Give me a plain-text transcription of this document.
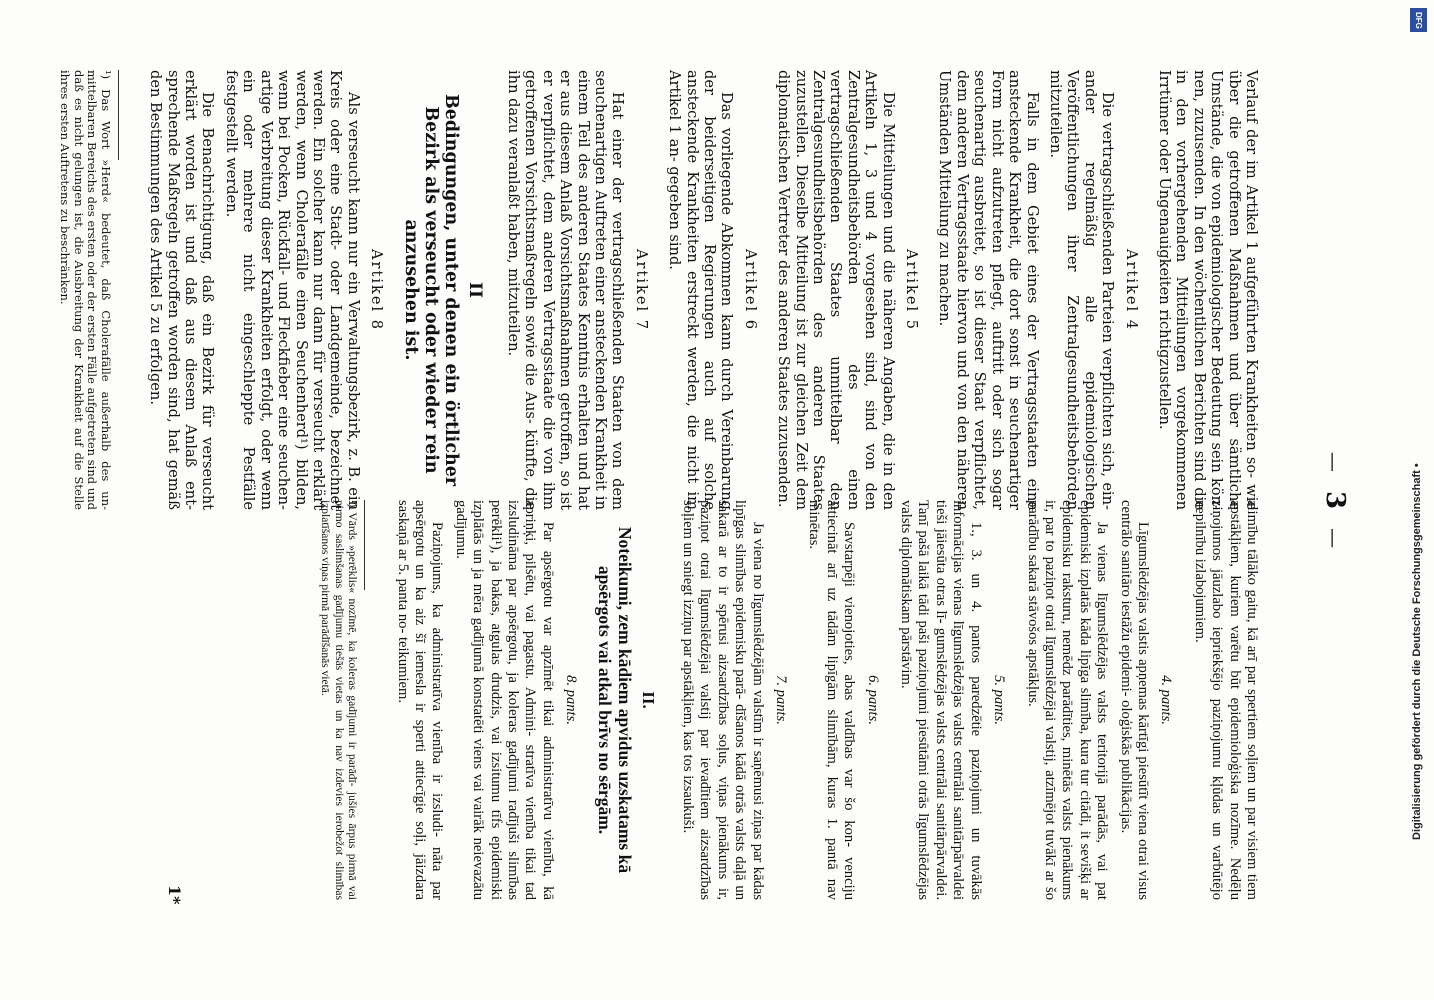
— 3 —

Verlauf der im Artikel 1 aufgeführten Krankheiten so- wie über die getroffenen Maßnahmen und über sämtliche Umstände, die von epidemiologischer Bedeutung sein kön- nen, zuzusenden. In den wöchentlichen Berichten sind die in den vorhergehenden Mitteilungen vorgekommenen Irrtümer oder Ungenauigkeiten richtigzustellen.

Artikel 4

Die vertragschließenden Parteien verpflichten sich, ein- ander regelmäßig alle epidemiologischen Veröffentlichungen ihrer Zentralgesundheitsbehörden mitzuteilen.

Falls in dem Gebiet eines der Vertragsstaaten eine ansteckende Krankheit, die dort sonst in seuchenartiger Form nicht aufzutreten pflegt, auftritt oder sich sogar seuchenartig ausbreitet, so ist dieser Staat verpflichtet, dem anderen Vertragsstaate hiervon und von den näheren Umständen Mitteilung zu machen.

Artikel 5

Die Mitteilungen und die näheren Angaben, die in den Artikeln 1, 3 und 4 vorgesehen sind, sind von den Zentralgesundheitsbehörden des einen vertragschließenden Staates unmittelbar den Zentralgesundheitsbehörden des anderen Staates zuzustellen. Dieselbe Mitteilung ist zur gleichen Zeit dem diplomatischen Vertreter des anderen Staates zuzusenden.

Artikel 6

Das vorliegende Abkommen kann durch Vereinbarung der beiderseitigen Regierungen auch auf solche ansteckende Krankheiten erstreckt werden, die nicht im Artikel 1 an- gegeben sind.

Artikel 7

Hat einer der vertragschließenden Staaten von dem seuchenartigen Auftreten einer ansteckenden Krankheit in einem Teil des anderen Staates Kenntnis erhalten und hat er aus diesem Anlaß Vorsichtsmaßnahmen getroffen, so ist er verpflichtet, dem anderen Vertragsstaate die von ihm getroffenen Vorsichtsmaßregeln sowie die Aus- künfte, die ihn dazu veranlaßt haben, mitzuteilen.

II
Bedingungen, unter denen ein örtlicher Bezirk als verseucht oder wieder rein anzusehen ist.
Artikel 8

Als verseucht kann nur ein Verwaltungsbezirk, z. B. ein Kreis oder eine Stadt- oder Landgemeinde, bezeichnet werden. Ein solcher kann nur dann für verseucht erklärt werden, wenn Cholerafälle einen Seuchenherd¹) bilden, wenn bei Pocken, Rückfall- und Fleckfieber eine seuchen- artige Verbreitung dieser Krankheiten erfolgt, oder wenn ein oder mehrere nicht eingeschleppte Pestfälle festgestellt werden.

Die Benachrichtigung, daß ein Bezirk für verseucht erklärt worden ist und daß aus diesem Anlaß ent- sprechende Maßregeln getroffen worden sind, hat gemäß den Bestimmungen des Artikel 5 zu erfolgen.

¹) Das Wort »Herd« bedeutet, daß Cholerafälle außerhalb des un- mittelbaren Bereichs des ersten oder der ersten Fälle aufgetreten sind und daß es nicht gelungen ist, die Ausbreitung der Krankheit auf die Stelle ihres ersten Auftretens zu beschränken.

alimību tālāko gaitu, kā arī par spertiem soļiem un par visiem tiem apstākļiem, kuriem varētu būt epidemioloģiska nozīme. Nedēļu ziņojumos jāuzlabo iepriekšējo paziņojumu kļūdas un varbūtējo nepilnību izlabojumiem.

4. pants.

Līgumslēdzējas valstis apņemas kārtīgi piesūtīt viena otrai visus centrālo sanitāro iestāžu epidemi- oloģiskās publikācijas.

Ja vienas līgumslēdzējas valsts teritorijā parādās, vai pat epidemiski izplatās kāda lipīga slimība, kura tur citādi, it sevišķi ar epidemisku raksturu, nemēdz parādīties, minētās valsts pienākums ir, par to paziņot otrai līgumslēdzējai valstij, atzīmējot tuvākī ar šo parādību sakarā stāvošos apstākļus.

5. pants.

1., 3. un 4. pantos paredzētie paziņojumi un tuvākās informācijas vienas līgumslēdzējas valsts centrālai sanitārpārvaldei tieši jāiesūta otras lī- gumslēdzējas valsts centrālai sanitārpārvaldei. Tanī pašā laikā tādi paši paziņojumi piesūtāmi otrās līgumslēdzējas valsts diplomātiskam pārstāvim.

6. pants.

Savstarpēji vienojoties, abas valdības var šo kon- venciju attiecināt arī uz tādām lipīgām slimībām, kuras 1. pantā nav minētas.

7. pants.

Ja viena no līgumslēdzējām valstīm ir saņēmusi ziņas par kādas lipīgas slimības epidemisku parā- dīšanos kādā otrās valsts daļā un sakarā ar to ir spērusi aizsardzības soļus, viņas pienākums ir, paziņot otrai līgumslēdzējai valstij par ievadītiem aizsardzības soļiem un sniegt izziņu par apstākļiem, kas tos izsaukuši.

II.
Noteikumi, zem kādiem apvidus uzskatams kā apsērgots vai atkal brīvs no sērgām.
8. pants.

Par apsērgotu var apzīmēt tikai administratīvu vienību, kā apriņķi, pilsētu, vai pagastu. Admini- stratīva vienība tikai tad izsludināma par apsērgotu, ja koleras gadījumi radījuši slimības perēkli¹), ja bakas, atgulas drudzis, vai izsitumu tīfs epidemiski izplātās un ja mēra gadījumā konstatēti viens vai vairāk neievazātu gadījumu.

Paziņojums, ka administratīva vienība ir izsludi- nāta par apsērgotu un ka aiz šī iemesla ir sperti attiecīgie soļi, jāizdara saskaņā ar 5. panta no- teikumiem.

¹) Vārds »perēklis« nozīmē, ka koleras gadījumi ir parādī- jušies ārpus pirmā vai pirmo saslimšanas gadījumu tiešās vietas un ka nav izdevies ierobežot slimības izplatīšanos viņas pirmā parādīšanās vietā.
1*
DFG
Digitalisierung gefördert durch die Deutsche Forschungsgemeinschaft •
